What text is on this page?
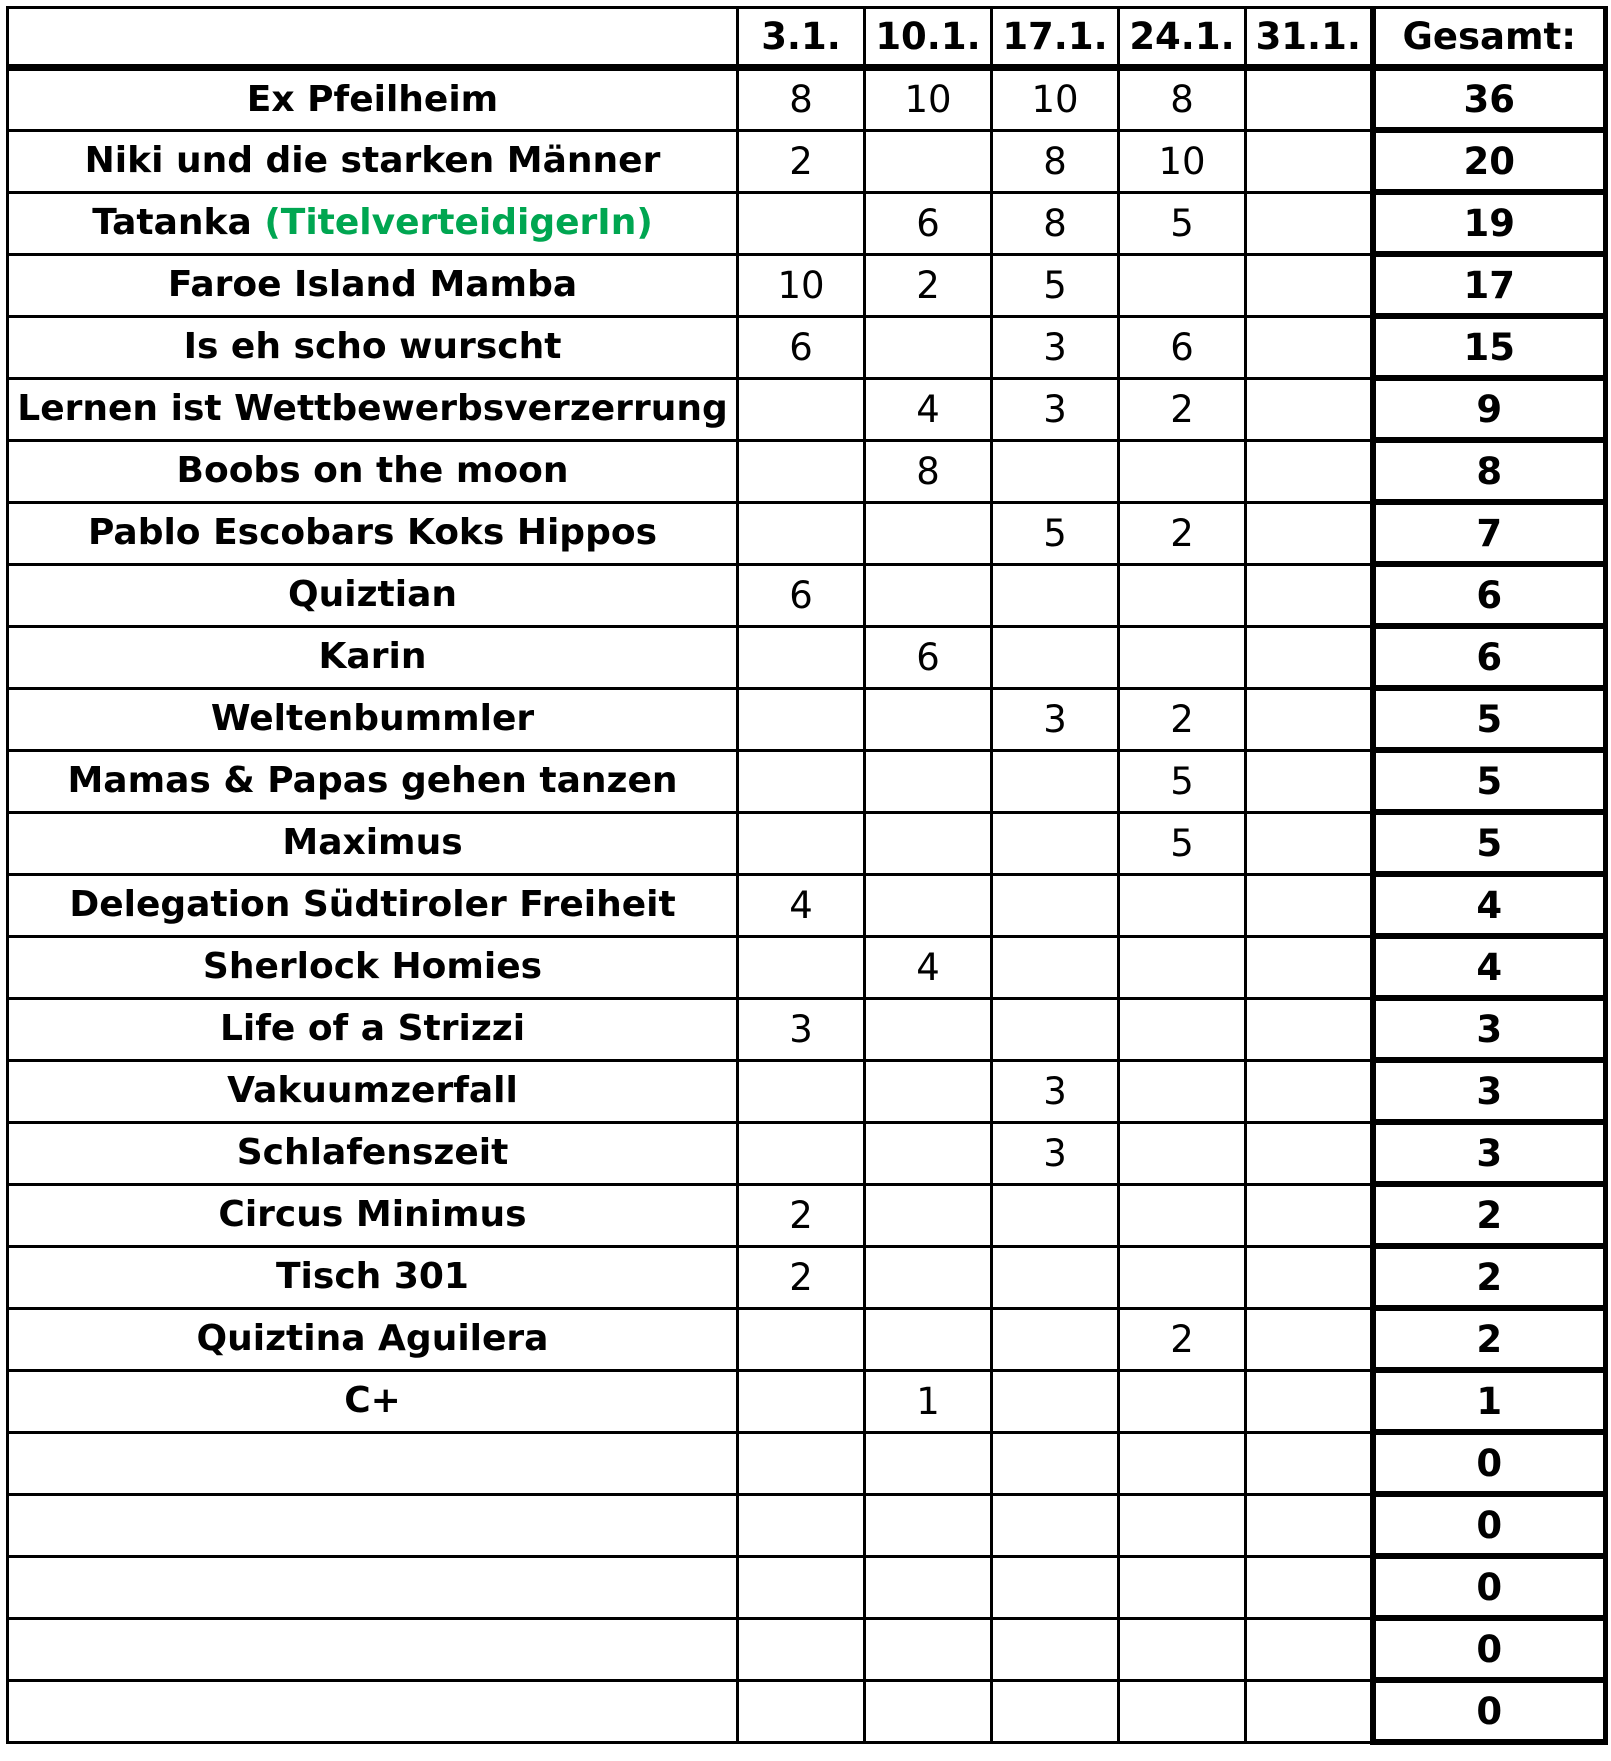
	3.1.	10.1.	17.1.	24.1.	31.1.	Gesamt:
Ex Pfeilheim	8	10	10	8		36
Niki und die starken Männer	2		8	10		20
Tatanka (TitelverteidigerIn)		6	8	5		19
Faroe Island Mamba	10	2	5			17
Is eh scho wurscht	6		3	6		15
Lernen ist Wettbewerbsverzerrung		4	3	2		9
Boobs on the moon		8				8
Pablo Escobars Koks Hippos			5	2		7
Quiztian	6					6
Karin		6				6
Weltenbummler			3	2		5
Mamas & Papas gehen tanzen				5		5
Maximus				5		5
Delegation Südtiroler Freiheit	4					4
Sherlock Homies		4				4
Life of a Strizzi	3					3
Vakuumzerfall			3			3
Schlafenszeit			3			3
Circus Minimus	2					2
Tisch 301	2					2
Quiztina Aguilera				2		2
C+		1				1
						0
						0
						0
						0
						0
